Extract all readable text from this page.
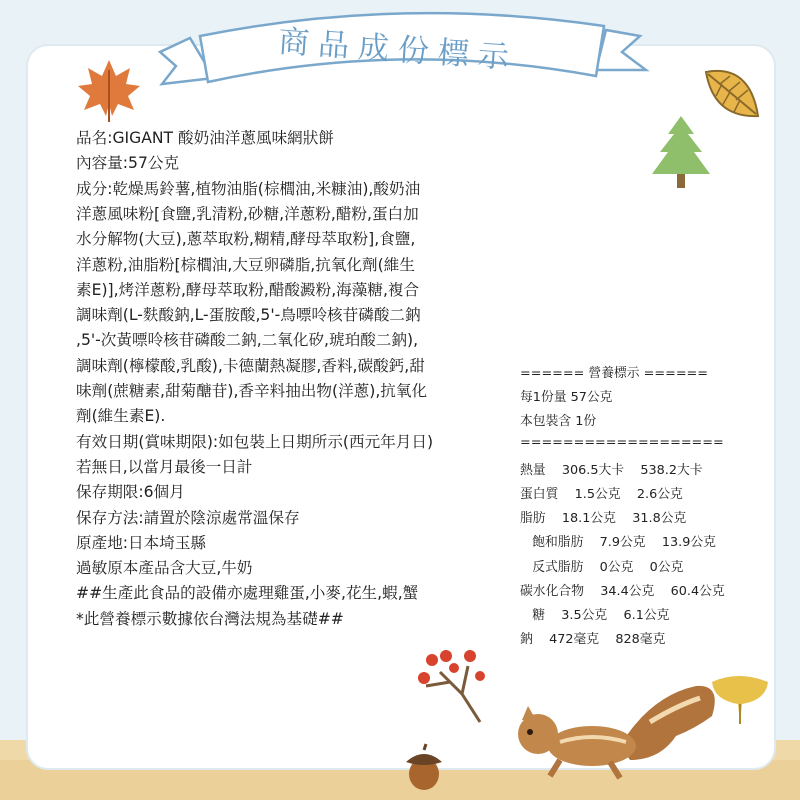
商品成份標示
品名:GIGANT 酸奶油洋蔥風味網狀餅
內容量:57公克
成分:乾燥馬鈴薯,植物油脂(棕櫚油,米糠油),酸奶油
洋蔥風味粉[食鹽,乳清粉,砂糖,洋蔥粉,醋粉,蛋白加
水分解物(大豆),蔥萃取粉,糊精,酵母萃取粉],食鹽,
洋蔥粉,油脂粉[棕櫚油,大豆卵磷脂,抗氧化劑(維生
素E)],烤洋蔥粉,酵母萃取粉,醋酸澱粉,海藻糖,複合
調味劑(L-麩酸鈉,L-蛋胺酸,5'-鳥嘌呤核苷磷酸二鈉
,5'-次黃嘌呤核苷磷酸二鈉,二氧化矽,琥珀酸二鈉),
調味劑(檸檬酸,乳酸),卡德蘭熱凝膠,香料,碳酸鈣,甜
味劑(蔗糖素,甜菊醣苷),香辛料抽出物(洋蔥),抗氧化
劑(維生素E).
有效日期(賞味期限):如包裝上日期所示(西元年月日)
若無日,以當月最後一日計
保存期限:6個月
保存方法:請置於陰涼處常溫保存
原產地:日本埼玉縣
過敏原本產品含大豆,牛奶
##生產此食品的設備亦處理雞蛋,小麥,花生,蝦,蟹
*此營養標示數據依台灣法規為基礎##
====== 營養標示 ======
每1份量 57公克
本包裝含 1份
===================
熱量    306.5大卡    538.2大卡
蛋白質    1.5公克    2.6公克
脂肪    18.1公克    31.8公克
飽和脂肪    7.9公克    13.9公克
反式脂肪    0公克    0公克
碳水化合物    34.4公克    60.4公克
糖    3.5公克    6.1公克
鈉    472毫克    828毫克
